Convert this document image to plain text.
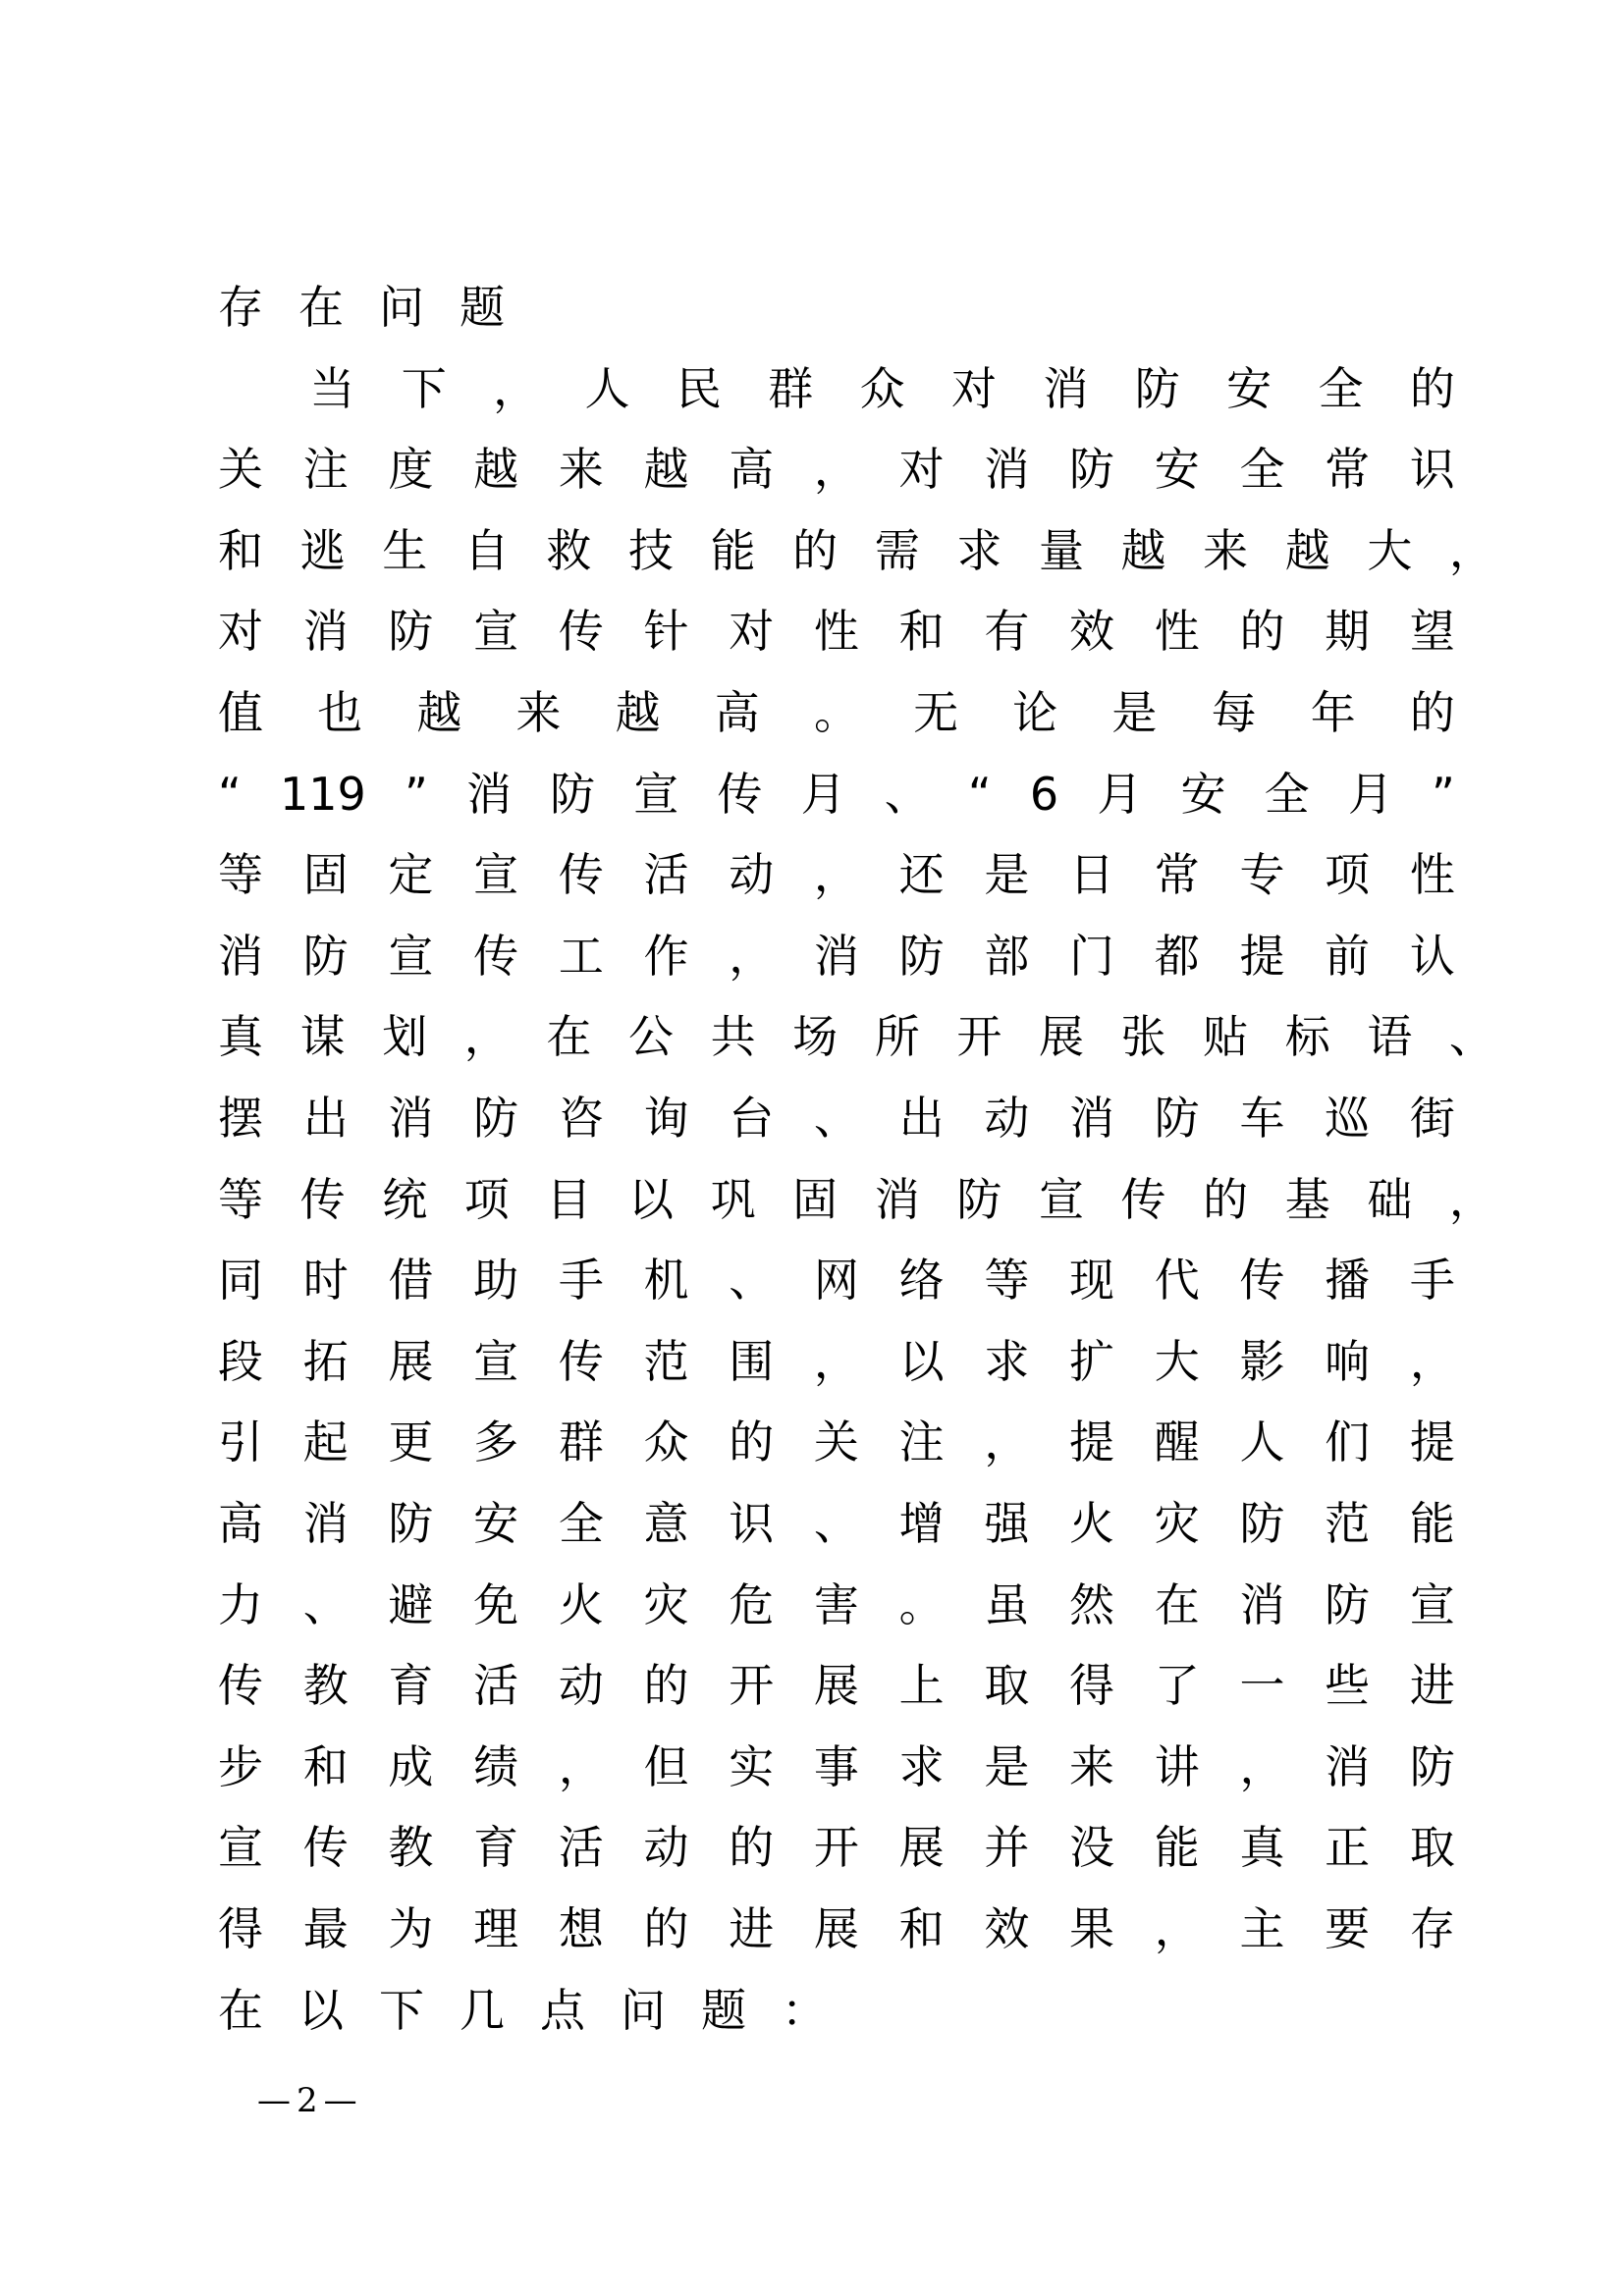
存 在 问 题

当 下 ， 人 民 群 众 对 消 防 安 全 的
关 注 度 越 来 越 高 ， 对 消 防 安 全 常 识
和 逃 生 自 救 技 能 的 需 求 量 越 来 越 大 ，
对 消 防 宣 传 针 对 性 和 有 效 性 的 期 望
值 也 越 来 越 高 。 无 论 是 每 年 的
“ 119 ” 消 防 宣 传 月 、 “ 6 月 安 全 月 ”
等 固 定 宣 传 活 动 ， 还 是 日 常 专 项 性
消 防 宣 传 工 作 ， 消 防 部 门 都 提 前 认
真 谋 划 ， 在 公 共 场 所 开 展 张 贴 标 语 、
摆 出 消 防 咨 询 台 、 出 动 消 防 车 巡 街
等 传 统 项 目 以 巩 固 消 防 宣 传 的 基 础 ，
同 时 借 助 手 机 、 网 络 等 现 代 传 播 手
段 拓 展 宣 传 范 围 ， 以 求 扩 大 影 响 ，
引 起 更 多 群 众 的 关 注 ， 提 醒 人 们 提
高 消 防 安 全 意 识 、 增 强 火 灾 防 范 能
力 、 避 免 火 灾 危 害 。 虽 然 在 消 防 宣
传 教 育 活 动 的 开 展 上 取 得 了 一 些 进
步 和 成 绩 ， 但 实 事 求 是 来 讲 ， 消 防
宣 传 教 育 活 动 的 开 展 并 没 能 真 正 取
得 最 为 理 想 的 进 展 和 效 果 ， 主 要 存
在 以 下 几 点 问 题 ：
—2—
